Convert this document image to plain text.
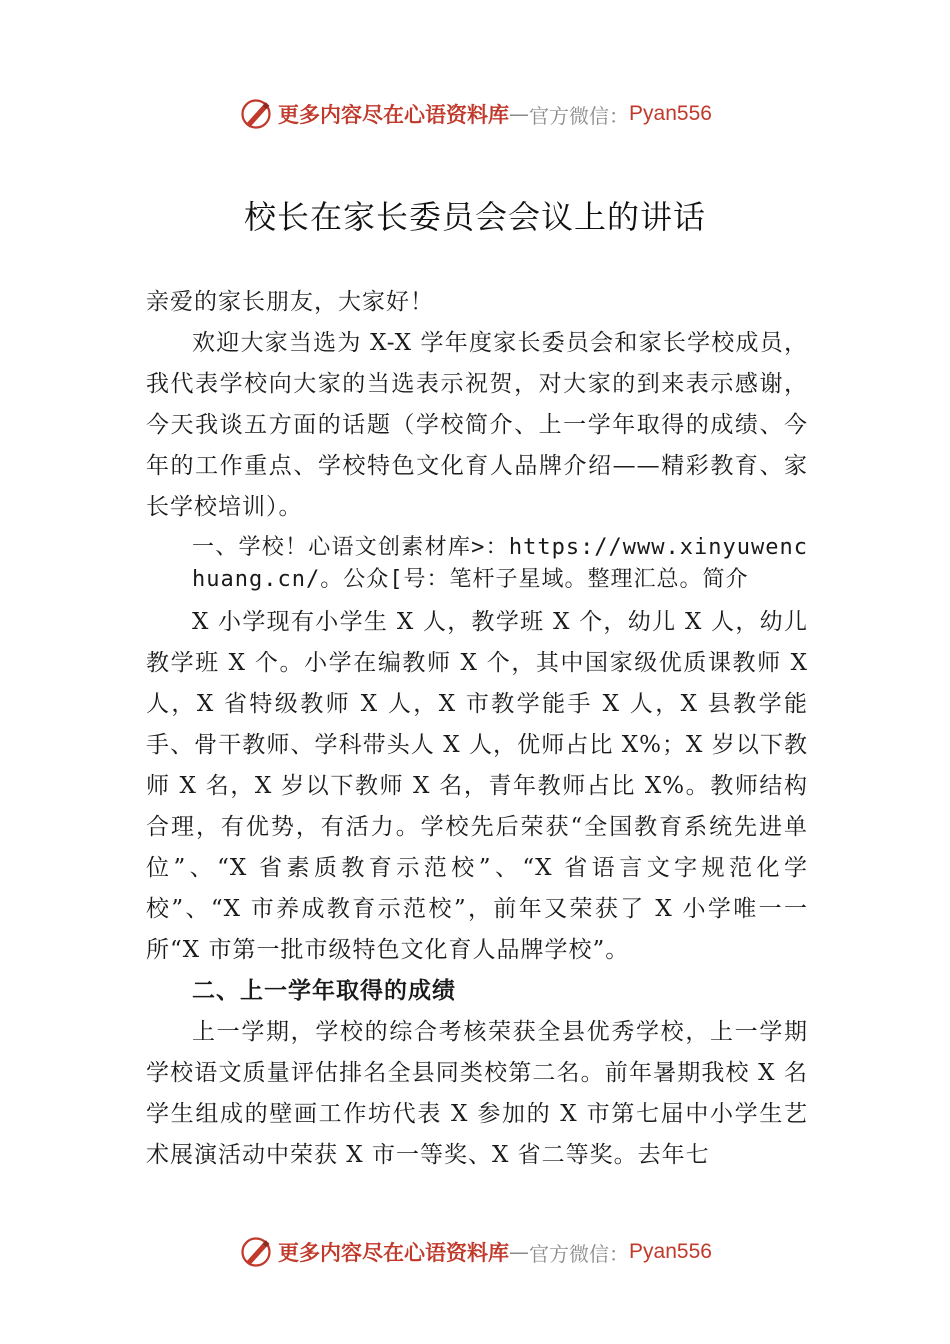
更多内容尽在心语资料库 — 官方微信： Pyan556
校长在家长委员会会议上的讲话

亲爱的家长朋友，大家好！

欢迎大家当选为 X-X 学年度家长委员会和家长学校成员，我代表学校向大家的当选表示祝贺，对大家的到来表示感谢，今天我谈五方面的话题（学校简介、上一学年取得的成绩、今年的工作重点、学校特色文化育人品牌介绍——精彩教育、家长学校培训）。

一、学校！心语文创素材库>：https://www.xinyuwenchuang.cn/。公众[号：笔杆子星域。整理汇总。简介

X 小学现有小学生 X 人，教学班 X 个，幼儿 X 人，幼儿教学班 X 个。小学在编教师 X 个，其中国家级优质课教师 X 人，X 省特级教师 X 人，X 市教学能手 X 人，X 县教学能手、骨干教师、学科带头人 X 人，优师占比 X%；X 岁以下教师 X 名，X 岁以下教师 X 名，青年教师占比 X%。教师结构合理，有优势，有活力。学校先后荣获“全国教育系统先进单位”、“X 省素质教育示范校”、“X 省语言文字规范化学校”、“X 市养成教育示范校”，前年又荣获了 X 小学唯一一所“X 市第一批市级特色文化育人品牌学校”。

二、上一学年取得的成绩

上一学期，学校的综合考核荣获全县优秀学校，上一学期学校语文质量评估排名全县同类校第二名。前年暑期我校 X 名学生组成的壁画工作坊代表 X 参加的 X 市第七届中小学生艺术展演活动中荣获 X 市一等奖、X 省二等奖。去年七

更多内容尽在心语资料库 — 官方微信： Pyan556
